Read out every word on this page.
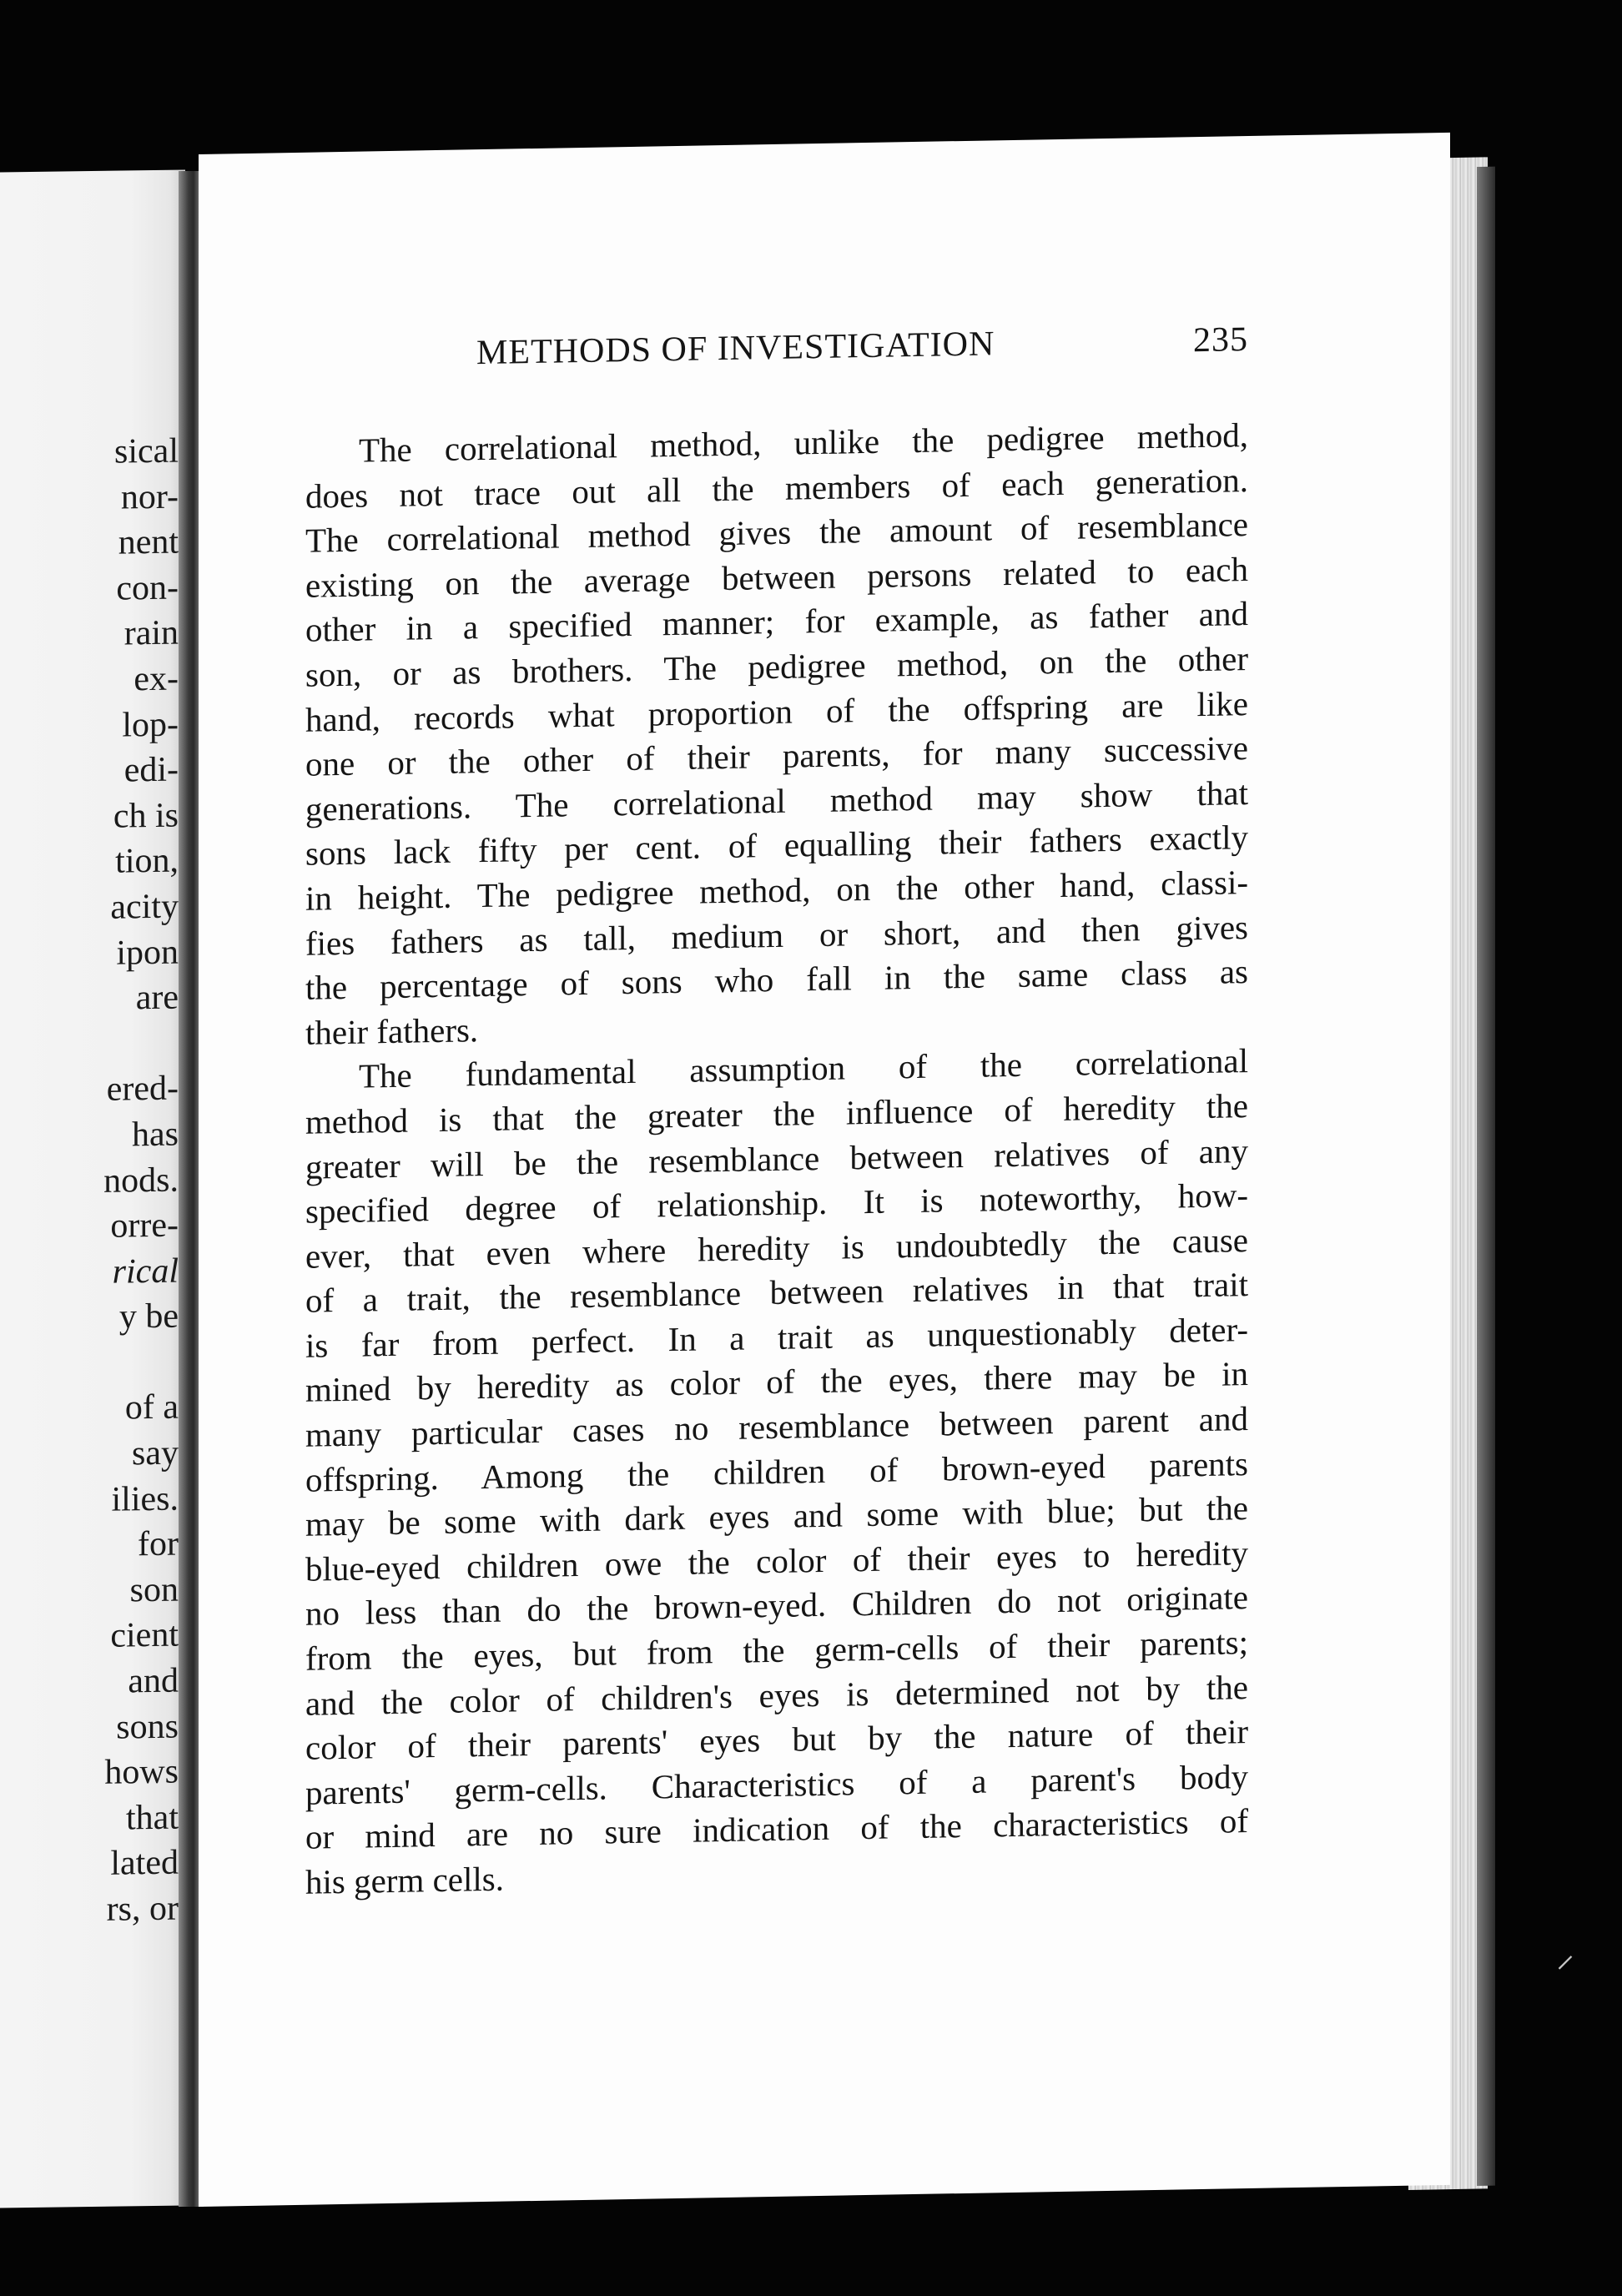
sical
nor-
nent
con-
rain
ex-
lop-
edi-
ch is
tion,
acity
ipon
are
ered-
has
nods.
orre-
rical
y be
of a
say
ilies.
for
son
cient
and
sons
hows
that
lated
rs, or
METHODS OF INVESTIGATION	235
The correlational method, unlike the pedigree method,
does not trace out all the members of each generation.
The correlational method gives the amount of resemblance
existing on the average between persons related to each
other in a specified manner; for example, as father and
son, or as brothers. The pedigree method, on the other
hand, records what proportion of the offspring are like
one or the other of their parents, for many successive
generations. The correlational method may show that
sons lack fifty per cent. of equalling their fathers exactly
in height. The pedigree method, on the other hand, classi-
fies fathers as tall, medium or short, and then gives
the percentage of sons who fall in the same class as
their fathers.
The fundamental assumption of the correlational
method is that the greater the influence of heredity the
greater will be the resemblance between relatives of any
specified degree of relationship. It is noteworthy, how-
ever, that even where heredity is undoubtedly the cause
of a trait, the resemblance between relatives in that trait
is far from perfect. In a trait as unquestionably deter-
mined by heredity as color of the eyes, there may be in
many particular cases no resemblance between parent and
offspring. Among the children of brown-eyed parents
may be some with dark eyes and some with blue; but the
blue-eyed children owe the color of their eyes to heredity
no less than do the brown-eyed. Children do not originate
from the eyes, but from the germ-cells of their parents;
and the color of children's eyes is determined not by the
color of their parents' eyes but by the nature of their
parents' germ-cells. Characteristics of a parent's body
or mind are no sure indication of the characteristics of
his germ cells.
⸝
